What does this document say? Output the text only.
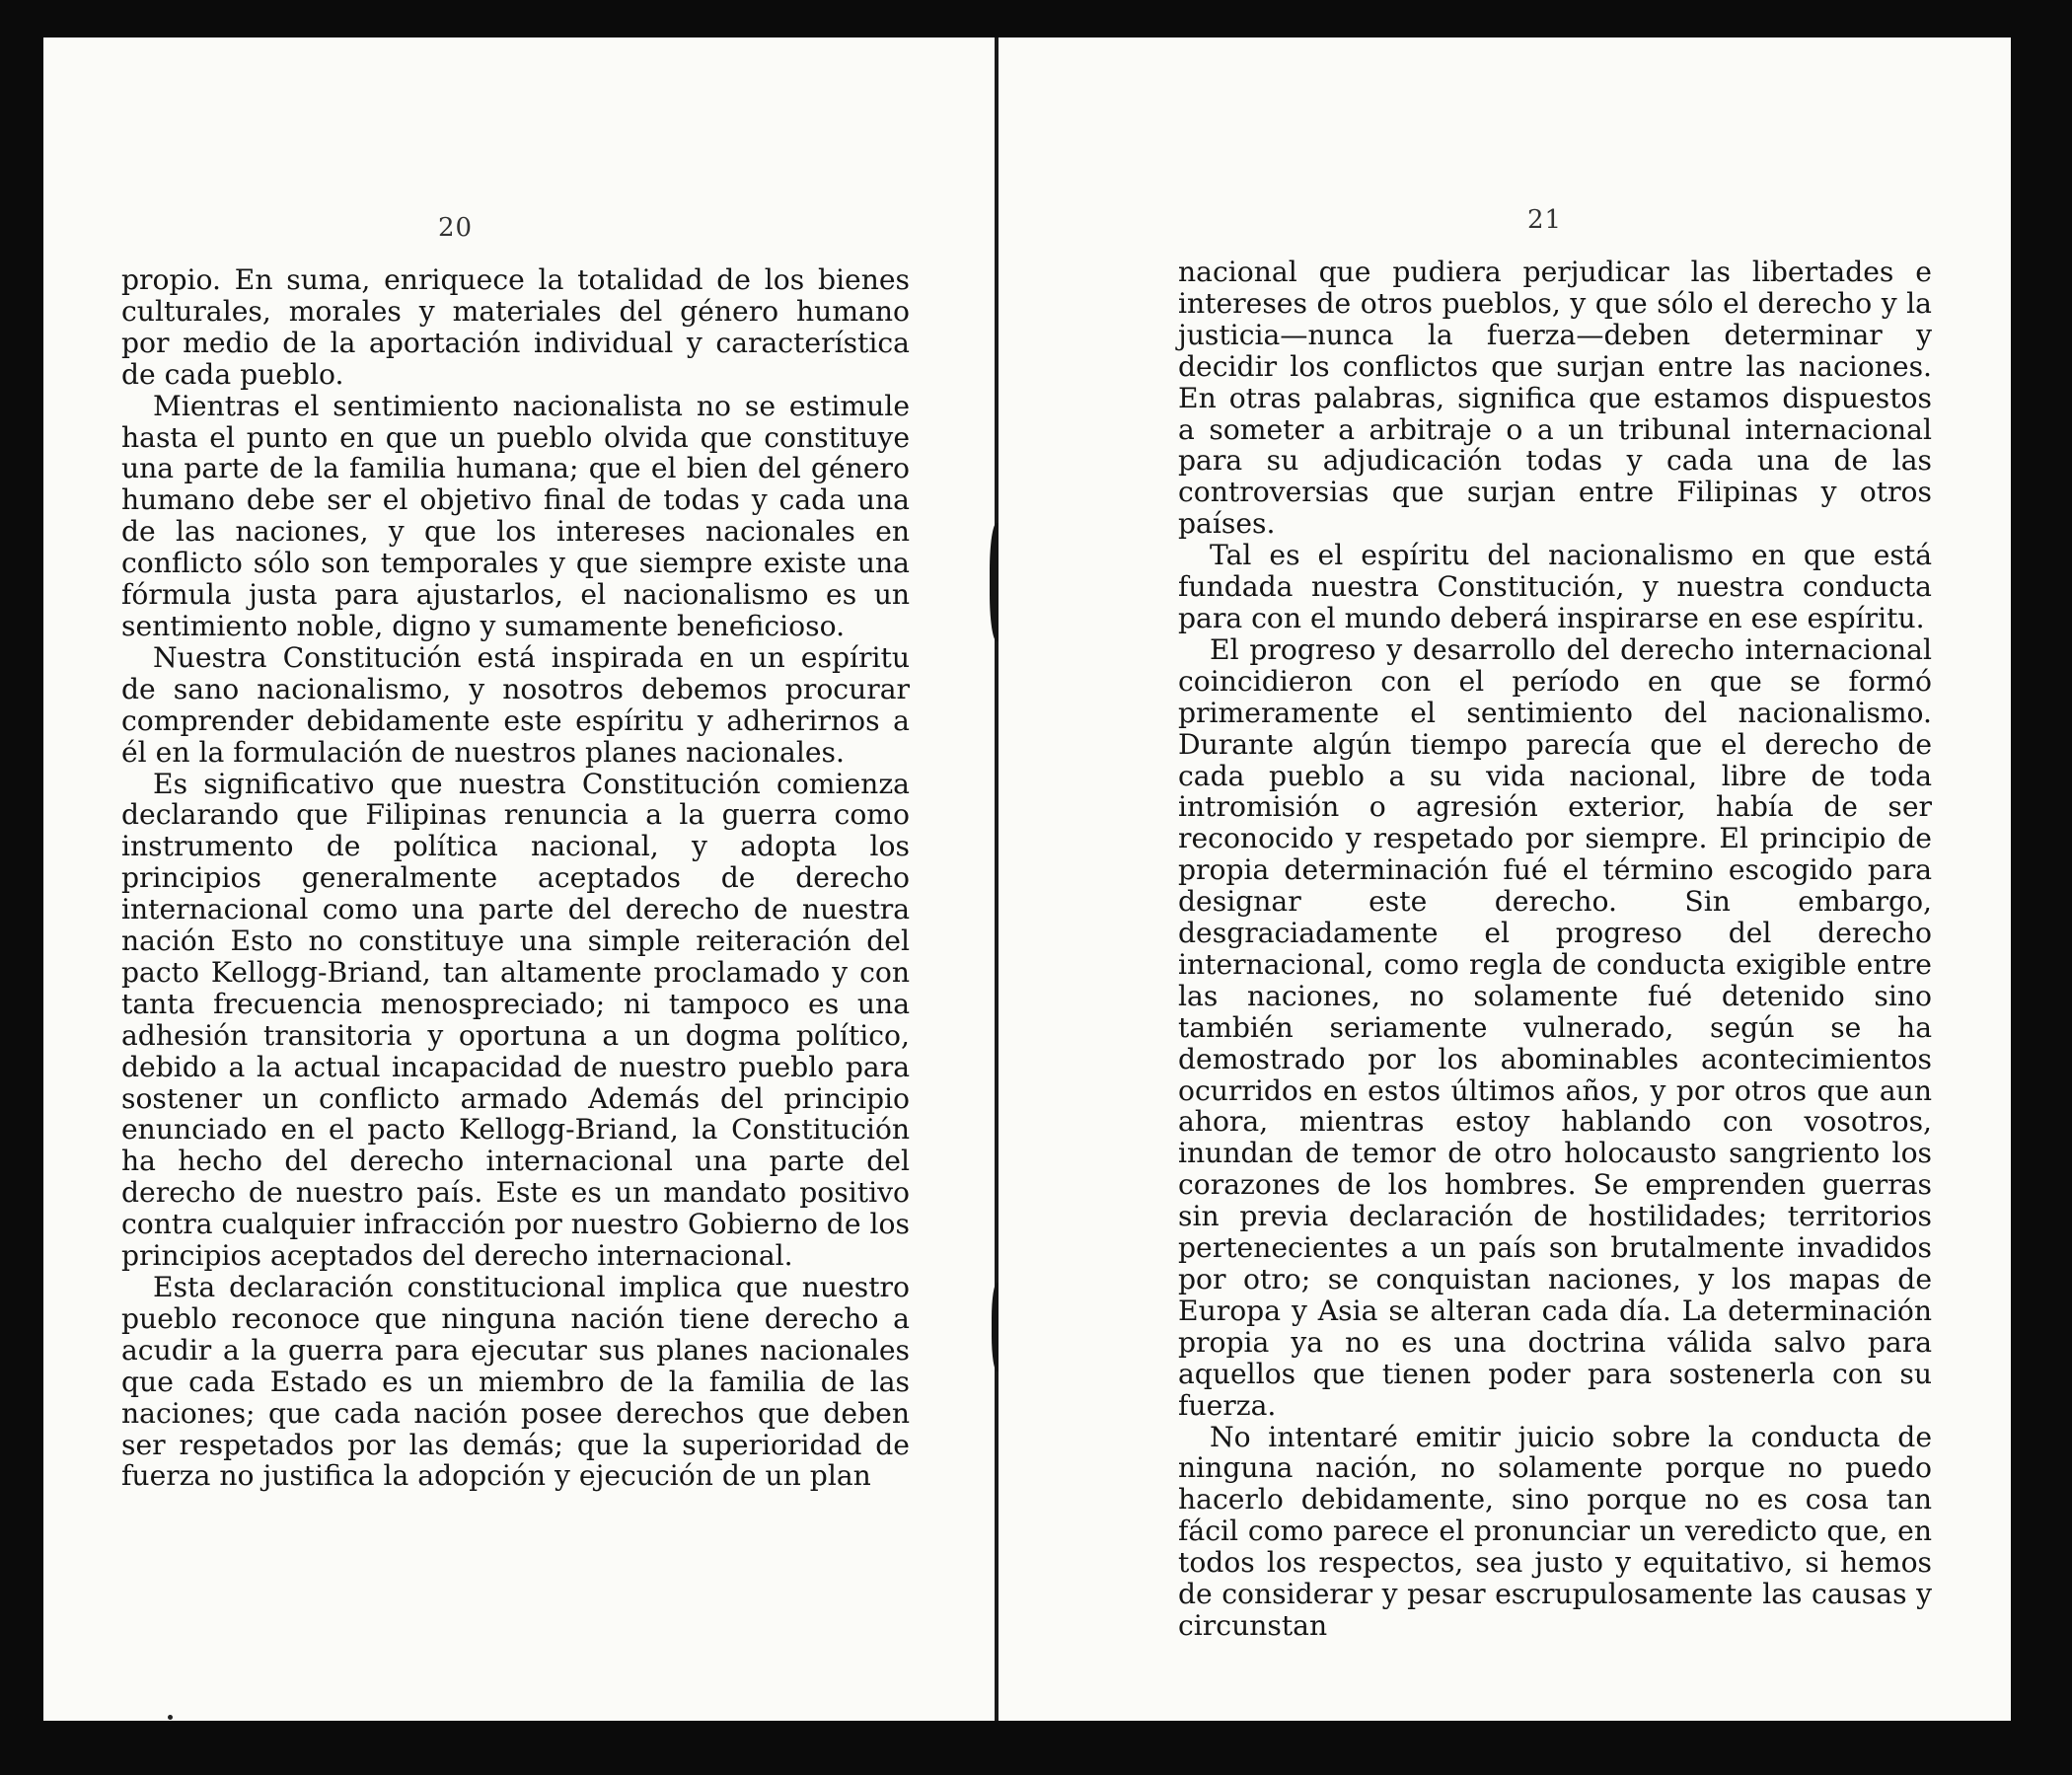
20

propio. En suma, enriquece la totalidad de los bienes culturales, morales y materiales del género humano por medio de la aportación individual y característica de cada pueblo.

Mientras el sentimiento nacionalista no se estimule hasta el punto en que un pueblo olvida que constituye una parte de la familia humana; que el bien del género humano debe ser el objetivo final de todas y cada una de las naciones, y que los intereses nacionales en conflicto sólo son temporales y que siempre existe una fórmula justa para ajustarlos, el nacionalismo es un sentimiento noble, digno y sumamente beneficioso.

Nuestra Constitución está inspirada en un espíritu de sano nacionalismo, y nosotros debemos procurar comprender debidamente este espíritu y adherirnos a él en la formulación de nuestros planes nacionales.

Es significativo que nuestra Constitución comienza declarando que Filipinas renuncia a la guerra como instrumento de política nacional, y adopta los principios generalmente aceptados de derecho internacional como una parte del derecho de nuestra nación Esto no constituye una simple reiteración del pacto Kellogg-Briand, tan altamente proclamado y con tanta frecuencia menospreciado; ni tampoco es una adhesión transitoria y oportuna a un dogma político, debido a la actual incapacidad de nuestro pueblo para sostener un conflicto armado Además del principio enunciado en el pacto Kellogg-Briand, la Constitución ha hecho del derecho internacional una parte del derecho de nuestro país. Este es un mandato positivo contra cualquier infracción por nuestro Gobierno de los principios aceptados del derecho internacional.

Esta declaración constitucional implica que nuestro pueblo reconoce que ninguna nación tiene derecho a acudir a la guerra para ejecutar sus planes nacionales que cada Estado es un miembro de la familia de las naciones; que cada nación posee derechos que deben ser respetados por las demás; que la superioridad de fuerza no justifica la adopción y ejecución de un plan

21

nacional que pudiera perjudicar las libertades e intereses de otros pueblos, y que sólo el derecho y la justicia—nunca la fuerza—deben determinar y decidir los conflictos que surjan entre las naciones. En otras palabras, significa que estamos dispuestos a someter a arbitraje o a un tribunal internacional para su adjudicación todas y cada una de las controversias que surjan entre Filipinas y otros países.

Tal es el espíritu del nacionalismo en que está fundada nuestra Constitución, y nuestra conducta para con el mundo deberá inspirarse en ese espíritu.

El progreso y desarrollo del derecho internacional coincidieron con el período en que se formó primeramente el sentimiento del nacionalismo. Durante algún tiempo parecía que el derecho de cada pueblo a su vida nacional, libre de toda intromisión o agresión exterior, había de ser reconocido y respetado por siempre. El principio de propia determinación fué el término escogido para designar este derecho. Sin embargo, desgraciadamente el progreso del derecho internacional, como regla de conducta exigible entre las naciones, no solamente fué detenido sino también seriamente vulnerado, según se ha demostrado por los abominables acontecimientos ocurridos en estos últimos años, y por otros que aun ahora, mientras estoy hablando con vosotros, inundan de temor de otro holocausto sangriento los corazones de los hombres. Se emprenden guerras sin previa declaración de hostilidades; territorios pertenecientes a un país son brutalmente invadidos por otro; se conquistan naciones, y los mapas de Europa y Asia se alteran cada día. La determinación propia ya no es una doctrina válida salvo para aquellos que tienen poder para sostenerla con su fuerza.

No intentaré emitir juicio sobre la conducta de ninguna nación, no solamente porque no puedo hacerlo debidamente, sino porque no es cosa tan fácil como parece el pronunciar un veredicto que, en todos los respectos, sea justo y equitativo, si hemos de considerar y pesar escrupulosamente las causas y circunstan
